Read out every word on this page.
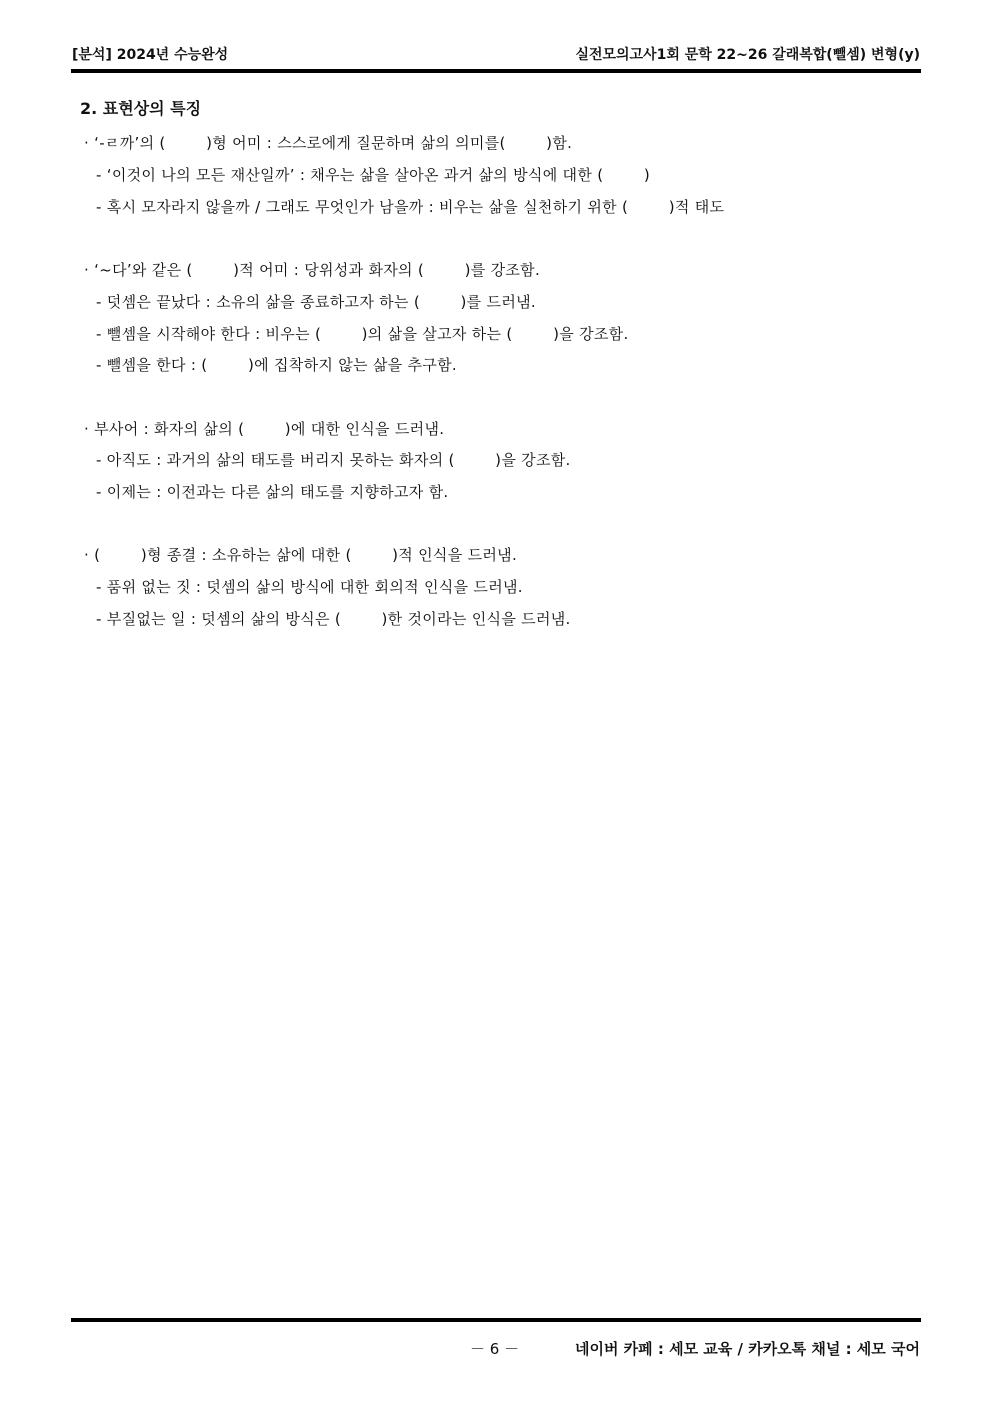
[분석] 2024년 수능완성	실전모의고사1회 문학 22~26 갈래복합(뺄셈) 변형(y)
2. 표현상의 특징
· ‘-ㄹ까’의 (        )형 어미 : 스스로에게 질문하며 삶의 의미를(        )함.
- ‘이것이 나의 모든 재산일까’ : 채우는 삶을 살아온 과거 삶의 방식에 대한 (        )
- 혹시 모자라지 않을까 / 그래도 무엇인가 남을까 : 비우는 삶을 실천하기 위한 (        )적 태도
· ‘~다’와 같은 (        )적 어미 : 당위성과 화자의 (        )를 강조함.
- 덧셈은 끝났다 : 소유의 삶을 종료하고자 하는 (        )를 드러냄.
- 뺄셈을 시작해야 한다 : 비우는 (        )의 삶을 살고자 하는 (        )을 강조함.
- 뺄셈을 한다 : (        )에 집착하지 않는 삶을 추구함.
· 부사어 : 화자의 삶의 (        )에 대한 인식을 드러냄.
- 아직도 : 과거의 삶의 태도를 버리지 못하는 화자의 (        )을 강조함.
- 이제는 : 이전과는 다른 삶의 태도를 지향하고자 함.
· (        )형 종결 : 소유하는 삶에 대한 (        )적 인식을 드러냄.
- 품위 없는 짓 : 덧셈의 삶의 방식에 대한 회의적 인식을 드러냄.
- 부질없는 일 : 덧셈의 삶의 방식은 (        )한 것이라는 인식을 드러냄.
－ 6 －	네이버 카페 : 세모 교육 / 카카오톡 채널 : 세모 국어
